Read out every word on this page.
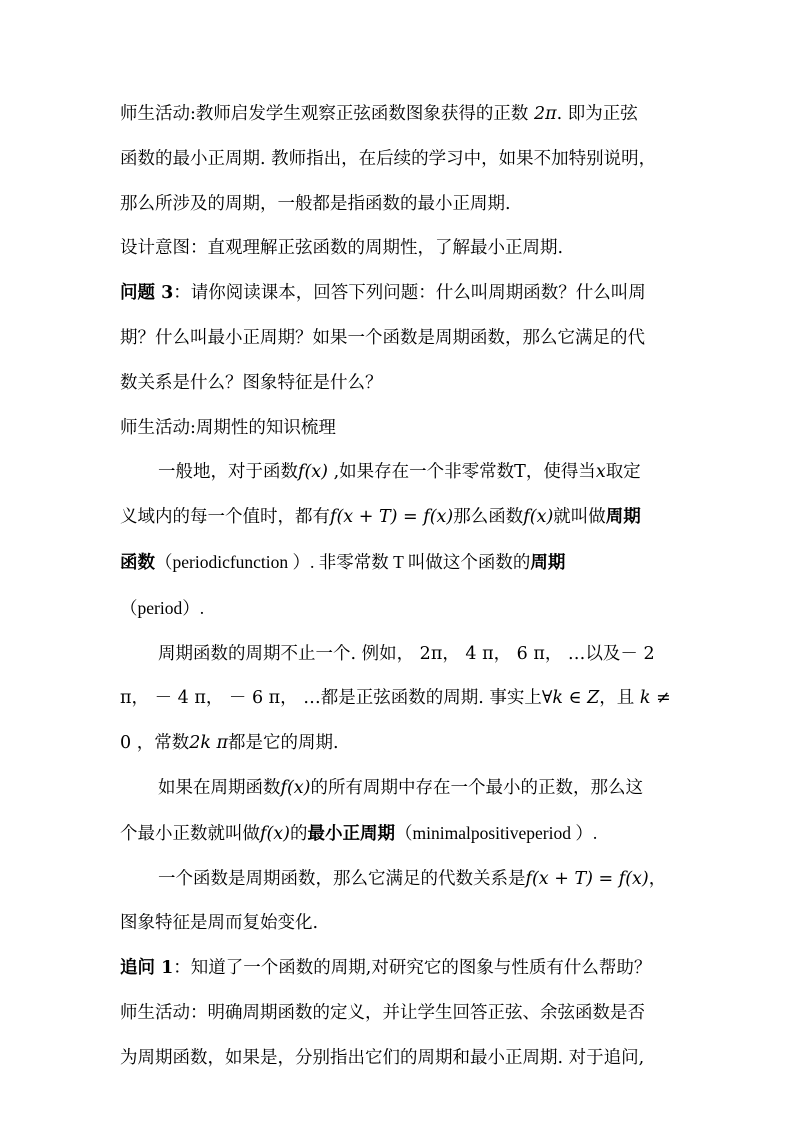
师生活动:教师启发学生观察正弦函数图象获得的正数 2π. 即为正弦

函数的最小正周期. 教师指出，在后续的学习中，如果不加特别说明，

那么所涉及的周期，一般都是指函数的最小正周期.

设计意图：直观理解正弦函数的周期性，了解最小正周期.

问题 3：请你阅读课本，回答下列问题：什么叫周期函数？什么叫周

期？什么叫最小正周期？如果一个函数是周期函数，那么它满足的代

数关系是什么？图象特征是什么？

师生活动:周期性的知识梳理

一般地，对于函数f(x) ,如果存在一个非零常数T，使得当x取定

义域内的每一个值时，都有f(x + T) = f(x)那么函数f(x)就叫做周期

函数（periodicfunction ）. 非零常数 T 叫做这个函数的周期

（period）.

周期函数的周期不止一个. 例如， 2π， 4 π， 6 π， …以及－ 2

π， － 4 π， － 6 π， …都是正弦函数的周期. 事实上∀k ∈ Z，且 k ≠

0 ，常数2k π都是它的周期.

如果在周期函数f(x)的所有周期中存在一个最小的正数，那么这

个最小正数就叫做f(x)的最小正周期（minimalpositiveperiod ）.

一个函数是周期函数，那么它满足的代数关系是f(x + T) = f(x)，

图象特征是周而复始变化.

追问 1：知道了一个函数的周期,对研究它的图象与性质有什么帮助？

师生活动：明确周期函数的定义，并让学生回答正弦、余弦函数是否

为周期函数，如果是，分别指出它们的周期和最小正周期. 对于追问,
